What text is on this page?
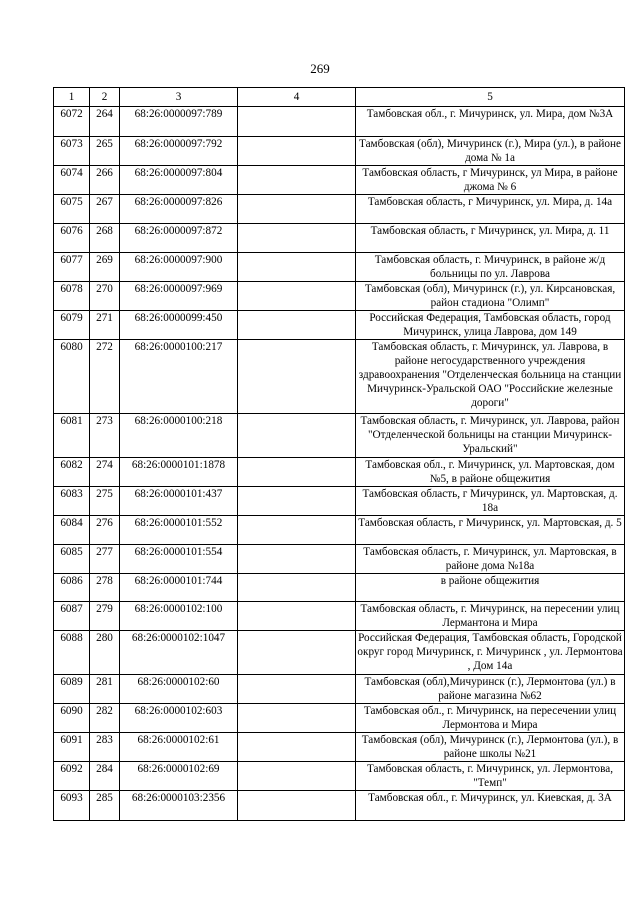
269
1	2	3	4	5
6072	264	68:26:0000097:789		Тамбовская обл., г. Мичуринск, ул. Мира, дом №3А
6073	265	68:26:0000097:792		Тамбовская (обл), Мичуринск (г.), Мира (ул.), в районе дома № 1а
6074	266	68:26:0000097:804		Тамбовская область, г Мичуринск, ул Мира, в районе джома № 6
6075	267	68:26:0000097:826		Тамбовская область, г Мичуринск, ул. Мира, д. 14а
6076	268	68:26:0000097:872		Тамбовская область, г Мичуринск, ул. Мира, д. 11
6077	269	68:26:0000097:900		Тамбовская область, г. Мичуринск, в районе ж/д больницы по ул. Лаврова
6078	270	68:26:0000097:969		Тамбовская (обл), Мичуринск (г.), ул. Кирсановская, район стадиона "Олимп"
6079	271	68:26:0000099:450		Российская Федерация, Тамбовская область, город Мичуринск, улица Лаврова, дом 149
6080	272	68:26:0000100:217		Тамбовская область, г. Мичуринск, ул. Лаврова, в районе негосударственного учреждения здравоохранения "Отделенческая больница на станции Мичуринск-Уральской ОАО "Российские железные дороги"
6081	273	68:26:0000100:218		Тамбовская область, г. Мичуринск, ул. Лаврова, район "Отделенческой больницы на станции Мичуринск-Уральский"
6082	274	68:26:0000101:1878		Тамбовская обл., г. Мичуринск, ул. Мартовская, дом №5, в районе общежития
6083	275	68:26:0000101:437		Тамбовская область, г Мичуринск, ул. Мартовская, д. 18а
6084	276	68:26:0000101:552		Тамбовская область, г Мичуринск, ул. Мартовская, д. 5
6085	277	68:26:0000101:554		Тамбовская область, г. Мичуринск, ул. Мартовская, в районе дома №18а
6086	278	68:26:0000101:744		в районе общежития
6087	279	68:26:0000102:100		Тамбовская область, г. Мичуринск, на пересении улиц Лермантона и Мира
6088	280	68:26:0000102:1047		Российская Федерация, Тамбовская область, Городской округ город Мичуринск, г. Мичуринск , ул. Лермонтова , Дом 14а
6089	281	68:26:0000102:60		Тамбовская (обл),Мичуринск (г.), Лермонтова (ул.) в районе магазина №62
6090	282	68:26:0000102:603		Тамбовская обл., г. Мичуринск, на пересечении улиц Лермонтова и Мира
6091	283	68:26:0000102:61		Тамбовская (обл), Мичуринск (г.), Лермонтова (ул.), в районе школы №21
6092	284	68:26:0000102:69		Тамбовская область, г. Мичуринск, ул. Лермонтова, "Темп"
6093	285	68:26:0000103:2356		Тамбовская обл., г. Мичуринск, ул. Киевская, д. 3А
